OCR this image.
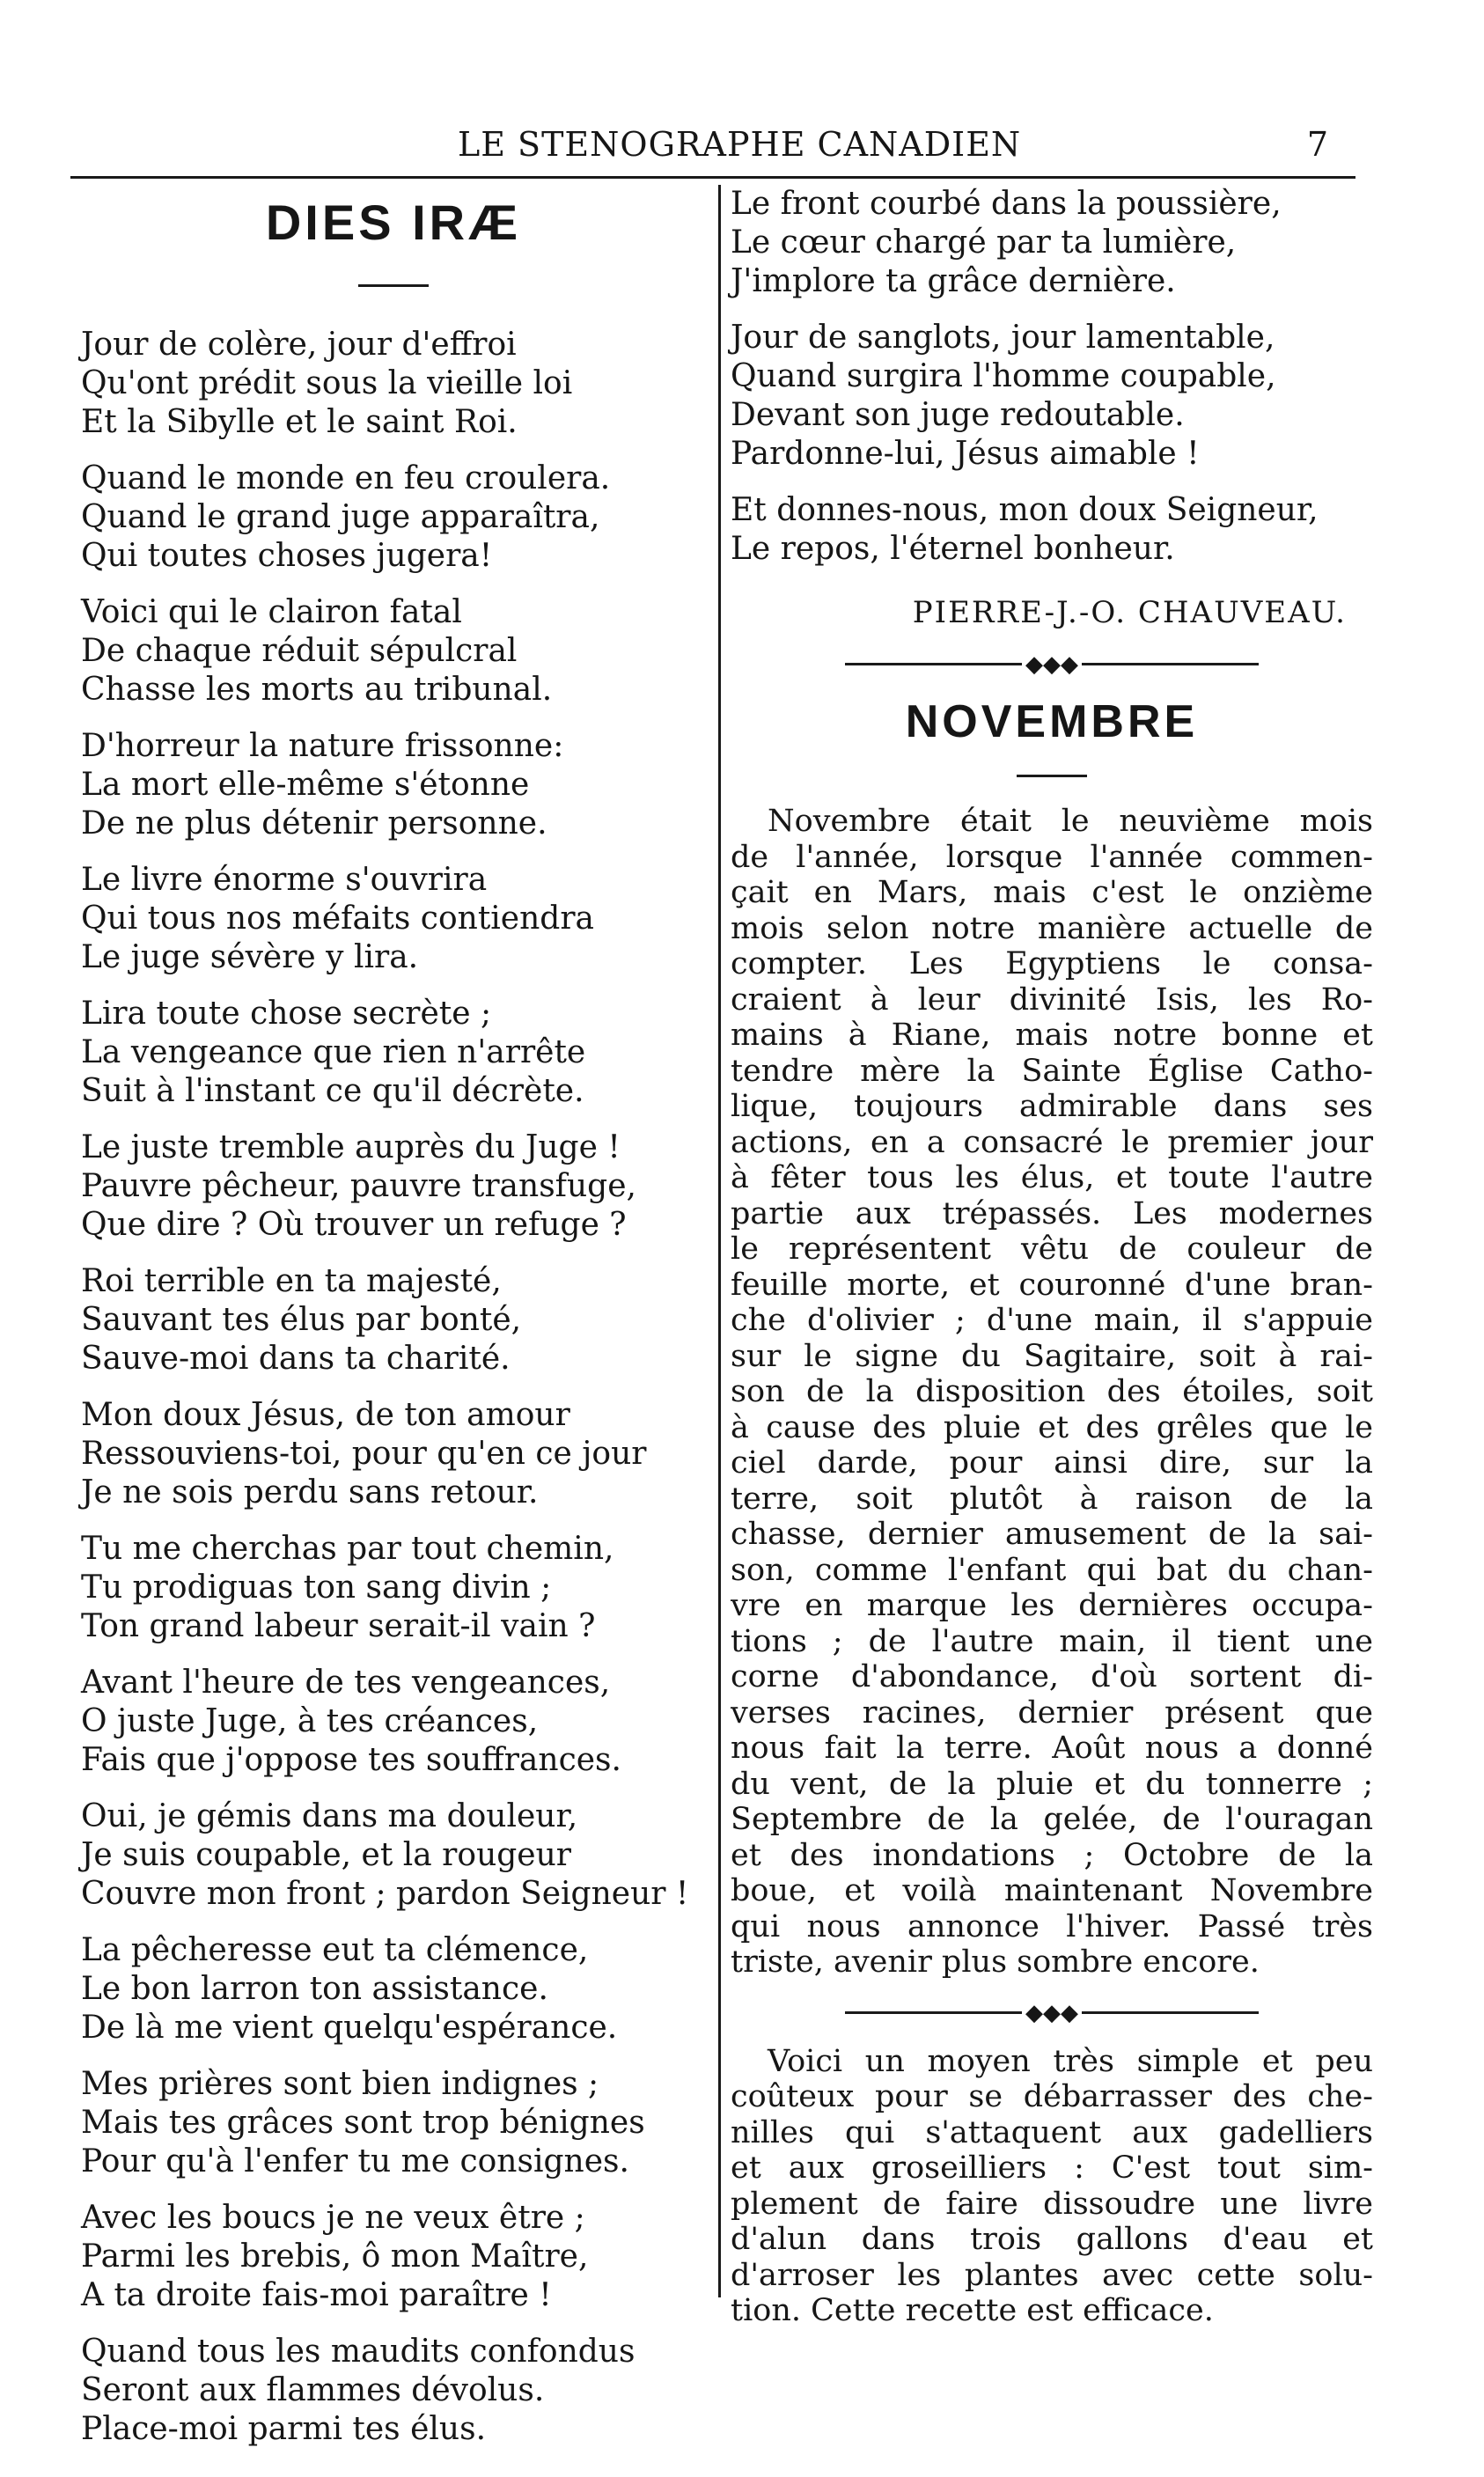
LE STENOGRAPHE CANADIEN	7
DIES IRÆ
Jour de colère, jour d'effroi
Qu'ont prédit sous la vieille loi
Et la Sibylle et le saint Roi.
Quand le monde en feu croulera.
Quand le grand juge apparaîtra,
Qui toutes choses jugera!
Voici qui le clairon fatal
De chaque réduit sépulcral
Chasse les morts au tribunal.
D'horreur la nature frissonne:
La mort elle-même s'étonne
De ne plus détenir personne.
Le livre énorme s'ouvrira
Qui tous nos méfaits contiendra
Le juge sévère y lira.
Lira toute chose secrète ;
La vengeance que rien n'arrête
Suit à l'instant ce qu'il décrète.
Le juste tremble auprès du Juge !
Pauvre pêcheur, pauvre transfuge,
Que dire ? Où trouver un refuge ?
Roi terrible en ta majesté,
Sauvant tes élus par bonté,
Sauve-moi dans ta charité.
Mon doux Jésus, de ton amour
Ressouviens-toi, pour qu'en ce jour
Je ne sois perdu sans retour.
Tu me cherchas par tout chemin,
Tu prodiguas ton sang divin ;
Ton grand labeur serait-il vain ?
Avant l'heure de tes vengeances,
O juste Juge, à tes créances,
Fais que j'oppose tes souffrances.
Oui, je gémis dans ma douleur,
Je suis coupable, et la rougeur
Couvre mon front ; pardon Seigneur !
La pêcheresse eut ta clémence,
Le bon larron ton assistance.
De là me vient quelqu'espérance.
Mes prières sont bien indignes ;
Mais tes grâces sont trop bénignes
Pour qu'à l'enfer tu me consignes.
Avec les boucs je ne veux être ;
Parmi les brebis, ô mon Maître,
A ta droite fais-moi paraître !
Quand tous les maudits confondus
Seront aux flammes dévolus.
Place-moi parmi tes élus.
Le front courbé dans la poussière,
Le cœur chargé par ta lumière,
J'implore ta grâce dernière.
Jour de sanglots, jour lamentable,
Quand surgira l'homme coupable,
Devant son juge redoutable.
Pardonne-lui, Jésus aimable !
Et donnes-nous, mon doux Seigneur,
Le repos, l'éternel bonheur.
PIERRE-J.-O. CHAUVEAU.
◆◆◆
NOVEMBRE
Novembre était le neuvième mois
de l'année, lorsque l'année commen-
çait en Mars, mais c'est le onzième
mois selon notre manière actuelle de
compter. Les Egyptiens le consa-
craient à leur divinité Isis, les Ro-
mains à Riane, mais notre bonne et
tendre mère la Sainte Église Catho-
lique, toujours admirable dans ses
actions, en a consacré le premier jour
à fêter tous les élus, et toute l'autre
partie aux trépassés. Les modernes
le représentent vêtu de couleur de
feuille morte, et couronné d'une bran-
che d'olivier ; d'une main, il s'appuie
sur le signe du Sagitaire, soit à rai-
son de la disposition des étoiles, soit
à cause des pluie et des grêles que le
ciel darde, pour ainsi dire, sur la
terre, soit plutôt à raison de la
chasse, dernier amusement de la sai-
son, comme l'enfant qui bat du chan-
vre en marque les dernières occupa-
tions ; de l'autre main, il tient une
corne d'abondance, d'où sortent di-
verses racines, dernier présent que
nous fait la terre. Août nous a donné
du vent, de la pluie et du tonnerre ;
Septembre de la gelée, de l'ouragan
et des inondations ; Octobre de la
boue, et voilà maintenant Novembre
qui nous annonce l'hiver. Passé très
triste, avenir plus sombre encore.
◆◆◆
Voici un moyen très simple et peu
coûteux pour se débarrasser des che-
nilles qui s'attaquent aux gadelliers
et aux groseilliers : C'est tout sim-
plement de faire dissoudre une livre
d'alun dans trois gallons d'eau et
d'arroser les plantes avec cette solu-
tion. Cette recette est efficace.
